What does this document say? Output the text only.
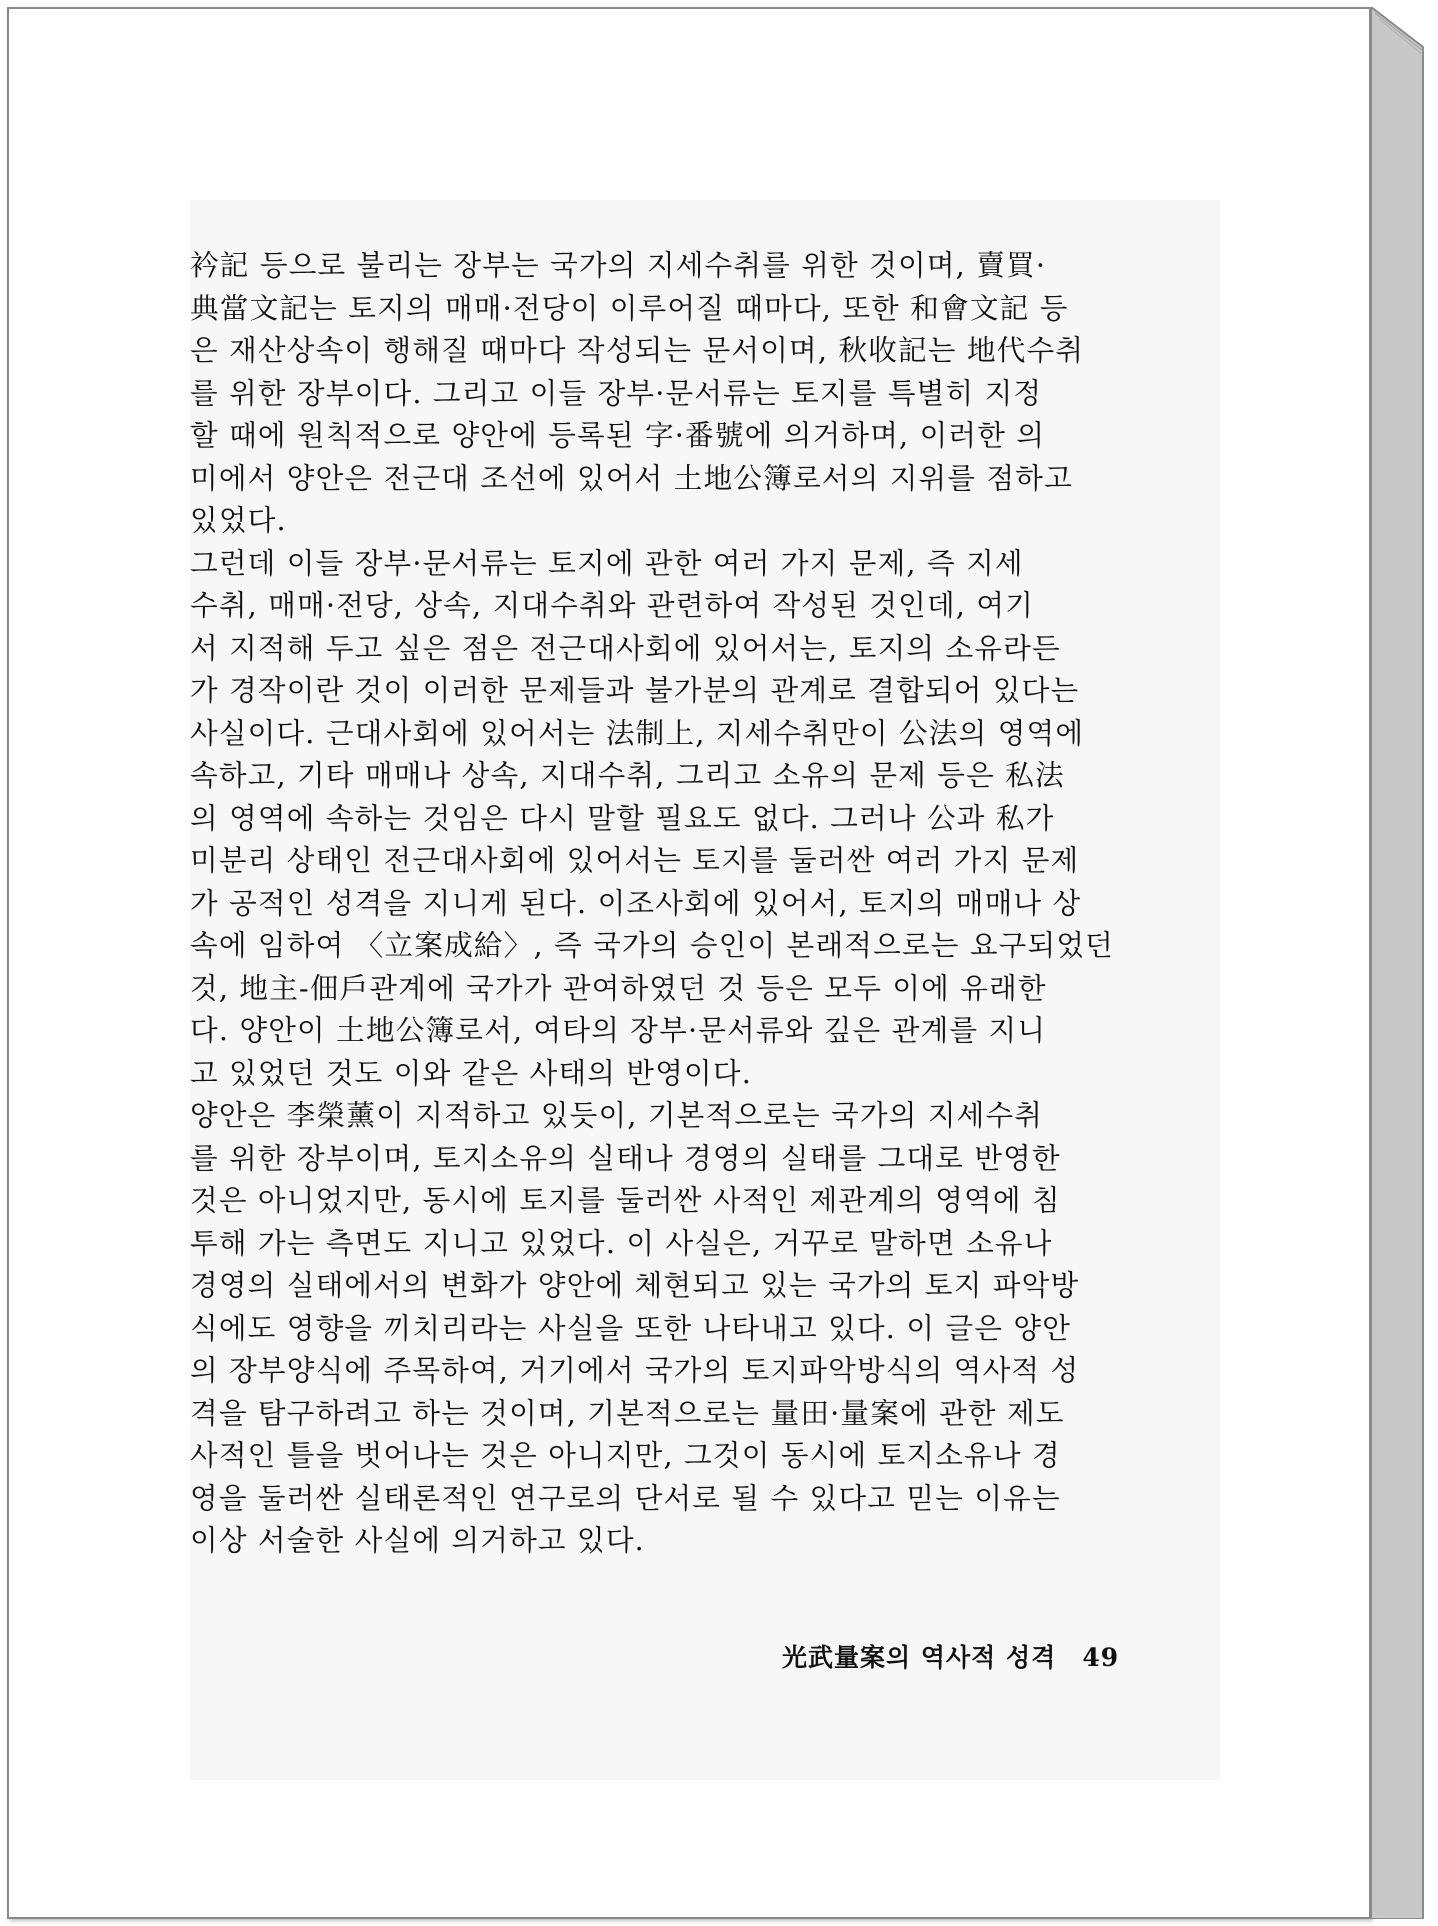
衿記 등으로 불리는 장부는 국가의 지세수취를 위한 것이며, 賣買·
典當文記는 토지의 매매·전당이 이루어질 때마다, 또한 和會文記 등
은 재산상속이 행해질 때마다 작성되는 문서이며, 秋收記는 地代수취
를 위한 장부이다. 그리고 이들 장부·문서류는 토지를 특별히 지정
할 때에 원칙적으로 양안에 등록된 字·番號에 의거하며, 이러한 의
미에서 양안은 전근대 조선에 있어서 土地公簿로서의 지위를 점하고
있었다.
그런데 이들 장부·문서류는 토지에 관한 여러 가지 문제, 즉 지세
수취, 매매·전당, 상속, 지대수취와 관련하여 작성된 것인데, 여기
서 지적해 두고 싶은 점은 전근대사회에 있어서는, 토지의 소유라든
가 경작이란 것이 이러한 문제들과 불가분의 관계로 결합되어 있다는
사실이다. 근대사회에 있어서는 法制上, 지세수취만이 公法의 영역에
속하고, 기타 매매나 상속, 지대수취, 그리고 소유의 문제 등은 私法
의 영역에 속하는 것임은 다시 말할 필요도 없다. 그러나 公과 私가
미분리 상태인 전근대사회에 있어서는 토지를 둘러싼 여러 가지 문제
가 공적인 성격을 지니게 된다. 이조사회에 있어서, 토지의 매매나 상
속에 임하여 〈立案成給〉, 즉 국가의 승인이 본래적으로는 요구되었던
것, 地主-佃戶관계에 국가가 관여하였던 것 등은 모두 이에 유래한
다. 양안이 土地公簿로서, 여타의 장부·문서류와 깊은 관계를 지니
고 있었던 것도 이와 같은 사태의 반영이다.
양안은 李榮薰이 지적하고 있듯이, 기본적으로는 국가의 지세수취
를 위한 장부이며, 토지소유의 실태나 경영의 실태를 그대로 반영한
것은 아니었지만, 동시에 토지를 둘러싼 사적인 제관계의 영역에 침
투해 가는 측면도 지니고 있었다. 이 사실은, 거꾸로 말하면 소유나
경영의 실태에서의 변화가 양안에 체현되고 있는 국가의 토지 파악방
식에도 영향을 끼치리라는 사실을 또한 나타내고 있다. 이 글은 양안
의 장부양식에 주목하여, 거기에서 국가의 토지파악방식의 역사적 성
격을 탐구하려고 하는 것이며, 기본적으로는 量田·量案에 관한 제도
사적인 틀을 벗어나는 것은 아니지만, 그것이 동시에 토지소유나 경
영을 둘러싼 실태론적인 연구로의 단서로 될 수 있다고 믿는 이유는
이상 서술한 사실에 의거하고 있다.
光武量案의 역사적 성격 49
